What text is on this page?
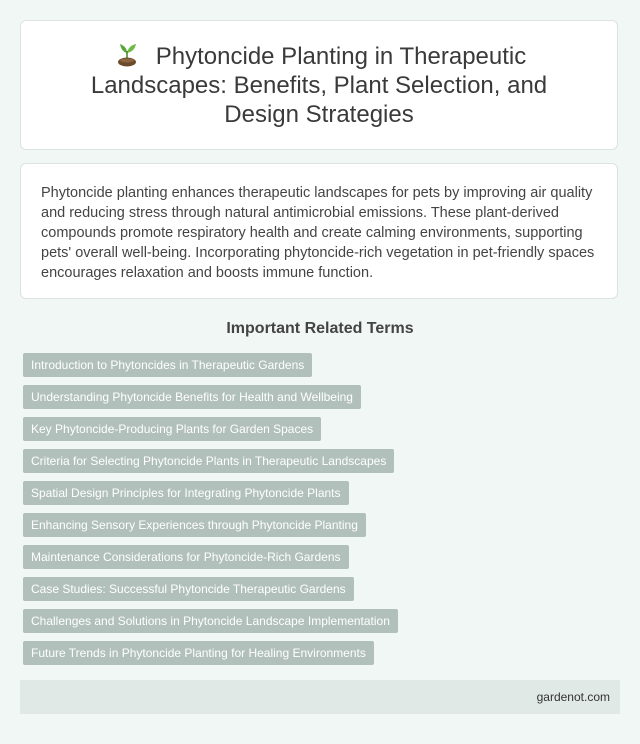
Phytoncide Planting in Therapeutic Landscapes: Benefits, Plant Selection, and Design Strategies

Phytoncide planting enhances therapeutic landscapes for pets by improving air quality and reducing stress through natural antimicrobial emissions. These plant-derived compounds promote respiratory health and create calming environments, supporting pets' overall well-being. Incorporating phytoncide-rich vegetation in pet-friendly spaces encourages relaxation and boosts immune function.

Important Related Terms
Introduction to Phytoncides in Therapeutic Gardens
Understanding Phytoncide Benefits for Health and Wellbeing
Key Phytoncide-Producing Plants for Garden Spaces
Criteria for Selecting Phytoncide Plants in Therapeutic Landscapes
Spatial Design Principles for Integrating Phytoncide Plants
Enhancing Sensory Experiences through Phytoncide Planting
Maintenance Considerations for Phytoncide-Rich Gardens
Case Studies: Successful Phytoncide Therapeutic Gardens
Challenges and Solutions in Phytoncide Landscape Implementation
Future Trends in Phytoncide Planting for Healing Environments
gardenot.com
